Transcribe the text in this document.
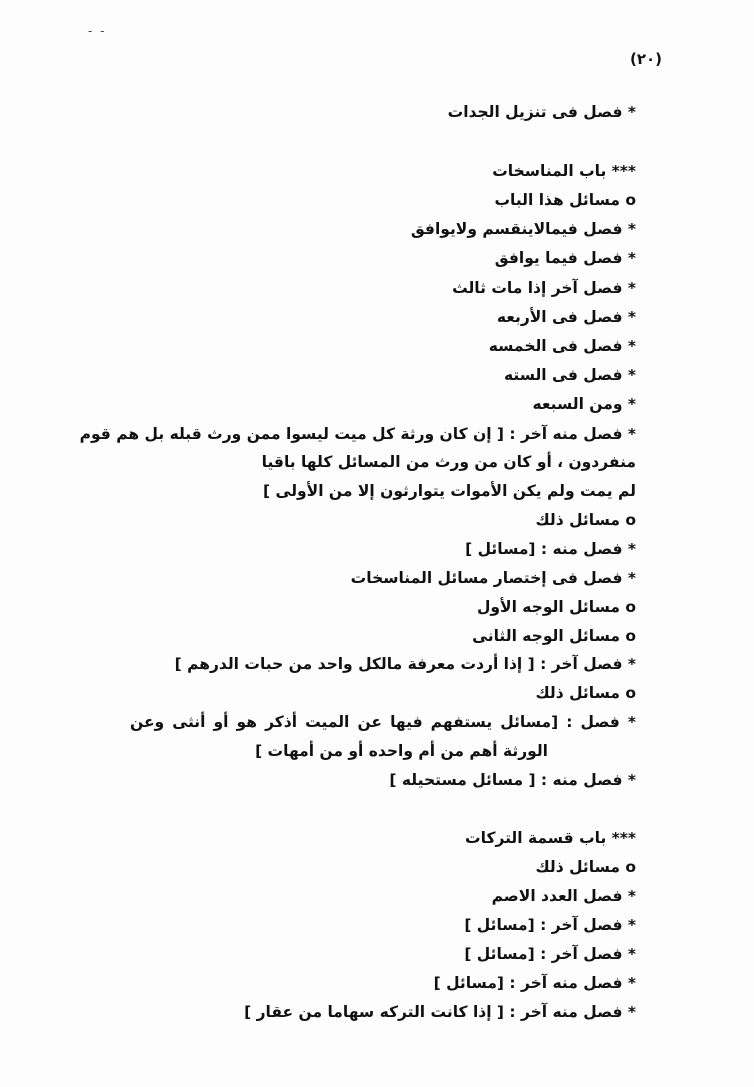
- -
(٢٠)
* فصل فى تنزيل الجدات
*** باب المناسخات
o مسائل هذا الباب
* فصل فيمالاينقسم ولايوافق
* فصل فيما يوافق
* فصل آخر إذا مات ثالث
* فصل فى الأربعه
* فصل فى الخمسه
* فصل فى السته
* ومن السبعه
* فصل منه آخر : [ إن كان ورثة كل ميت ليسوا ممن ورث قبله بل هم قوم
منفردون ، أو كان من ورث من المسائل كلها باقيا
لم يمت ولم يكن الأموات يتوارثون إلا من الأولى ]
o مسائل ذلك
* فصل منه : [مسائل ]
* فصل فى إختصار مسائل المناسخات
o مسائل الوجه الأول
o مسائل الوجه الثانى
* فصل آخر : [ إذا أردت معرفة مالكل واحد من حبات الدرهم ]
o مسائل ذلك
* فصل : [مسائل يستفهم فيها عن الميت أذكر هو أو أنثى وعن
الورثة أهم من أم واحده أو من أمهات ]
* فصل منه : [ مسائل مستحيله ]
*** باب قسمة التركات
o مسائل ذلك
* فصل العدد الاصم
* فصل آخر : [مسائل ]
* فصل آخر : [مسائل ]
* فصل منه آخر : [مسائل ]
* فصل منه آخر : [ إذا كانت التركه سهاما من عقار ]
